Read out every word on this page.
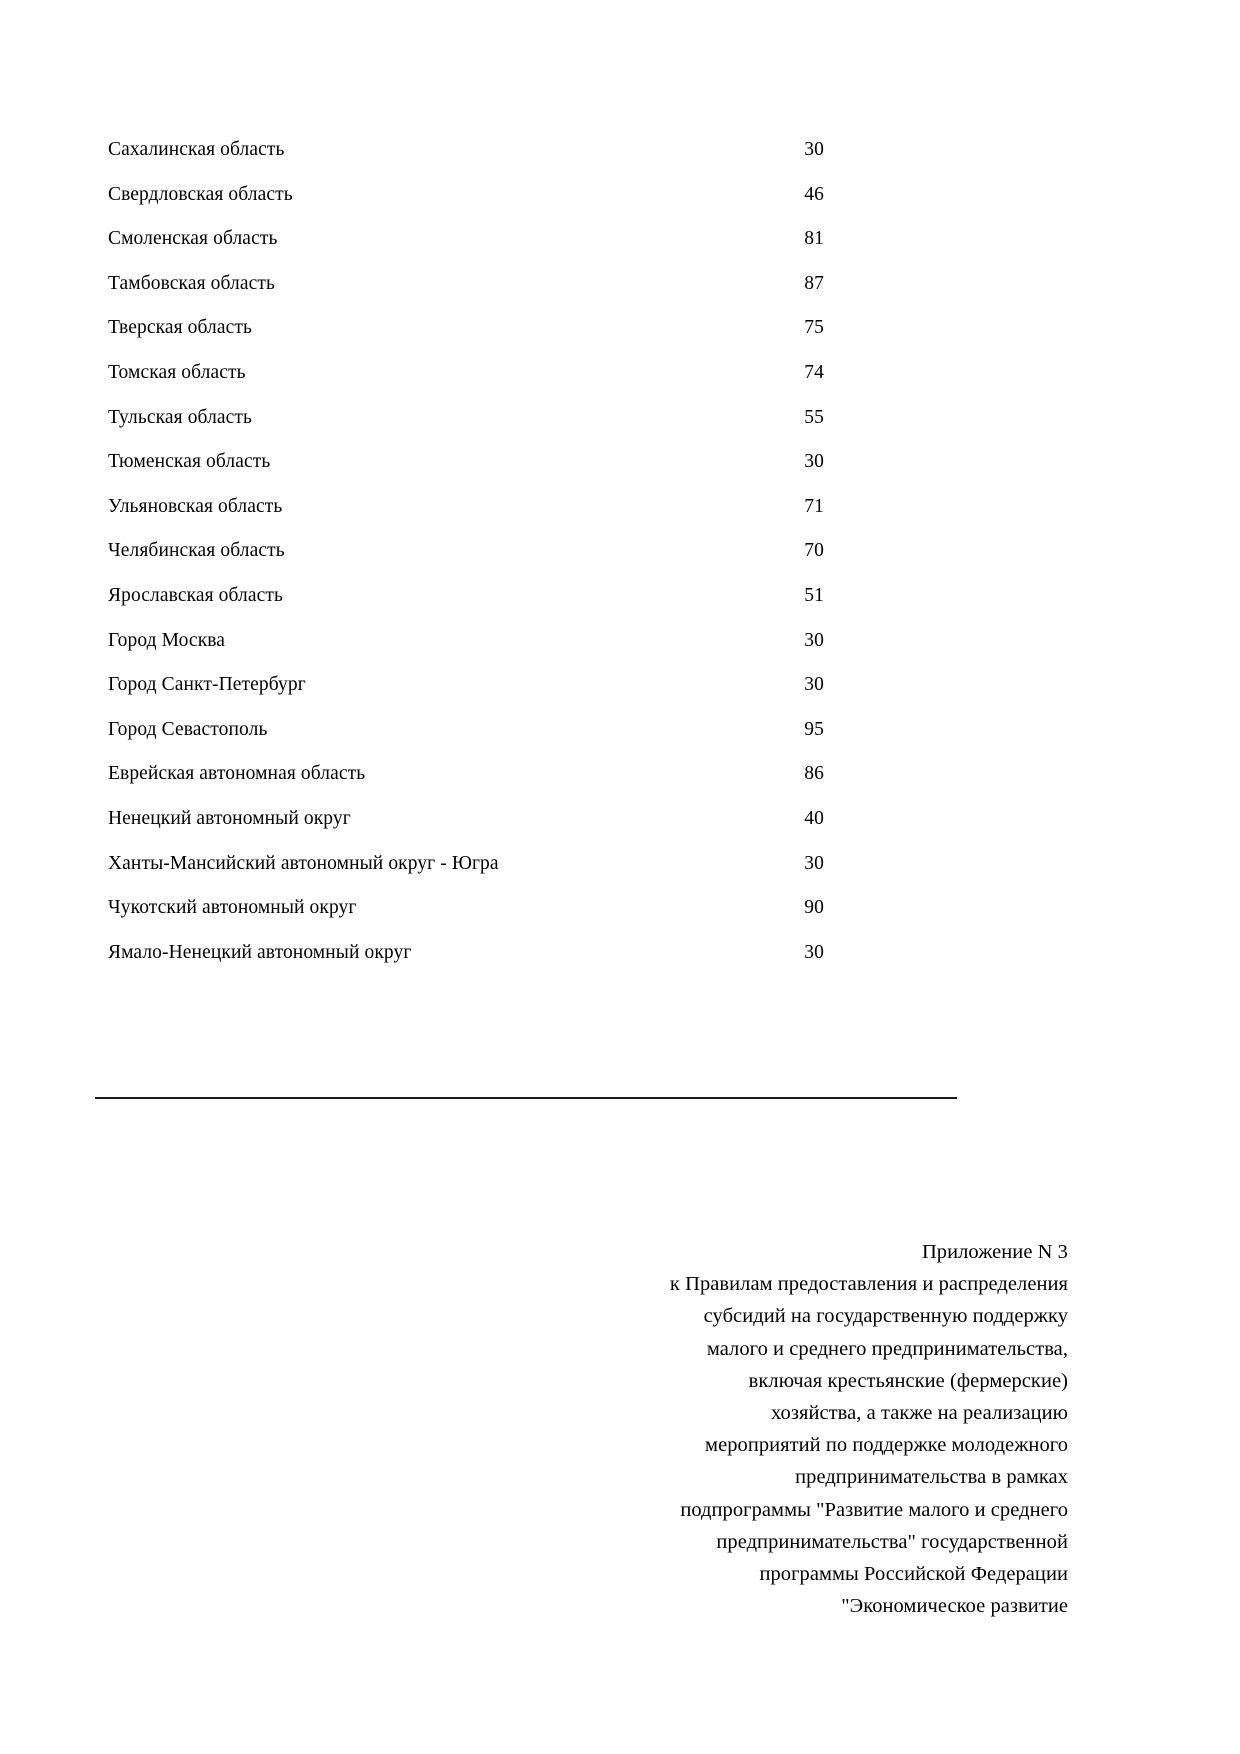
Сахалинская область	30
Свердловская область	46
Смоленская область	81
Тамбовская область	87
Тверская область	75
Томская область	74
Тульская область	55
Тюменская область	30
Ульяновская область	71
Челябинская область	70
Ярославская область	51
Город Москва	30
Город Санкт-Петербург	30
Город Севастополь	95
Еврейская автономная область	86
Ненецкий автономный округ	40
Ханты-Мансийский автономный округ - Югра	30
Чукотский автономный округ	90
Ямало-Ненецкий автономный округ	30
Приложение N 3
к Правилам предоставления и распределения
субсидий на государственную поддержку
малого и среднего предпринимательства,
включая крестьянские (фермерские)
хозяйства, а также на реализацию
мероприятий по поддержке молодежного
предпринимательства в рамках
подпрограммы "Развитие малого и среднего
предпринимательства" государственной
программы Российской Федерации
"Экономическое развитие
